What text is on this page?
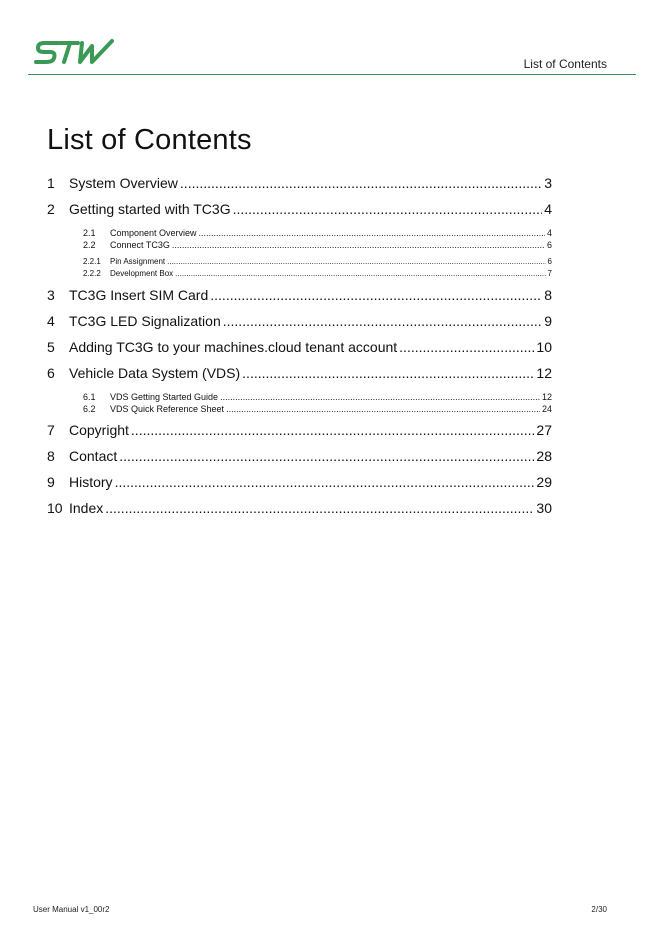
List of Contents
List of Contents
1	System Overview .....	3
2	Getting started with TC3G .....	4
2.1	Component Overview .....	4
2.2	Connect TC3G .....	6
2.2.1	Pin Assignment .....	6
2.2.2	Development Box .....	7
3	TC3G Insert SIM Card .....	8
4	TC3G LED Signalization .....	9
5	Adding TC3G to your machines.cloud tenant account .....	10
6	Vehicle Data System (VDS) .....	12
6.1	VDS Getting Started Guide .....	12
6.2	VDS Quick Reference Sheet .....	24
7	Copyright .....	27
8	Contact .....	28
9	History .....	29
10 Index .....	30
User Manual v1_00r2	2/30
